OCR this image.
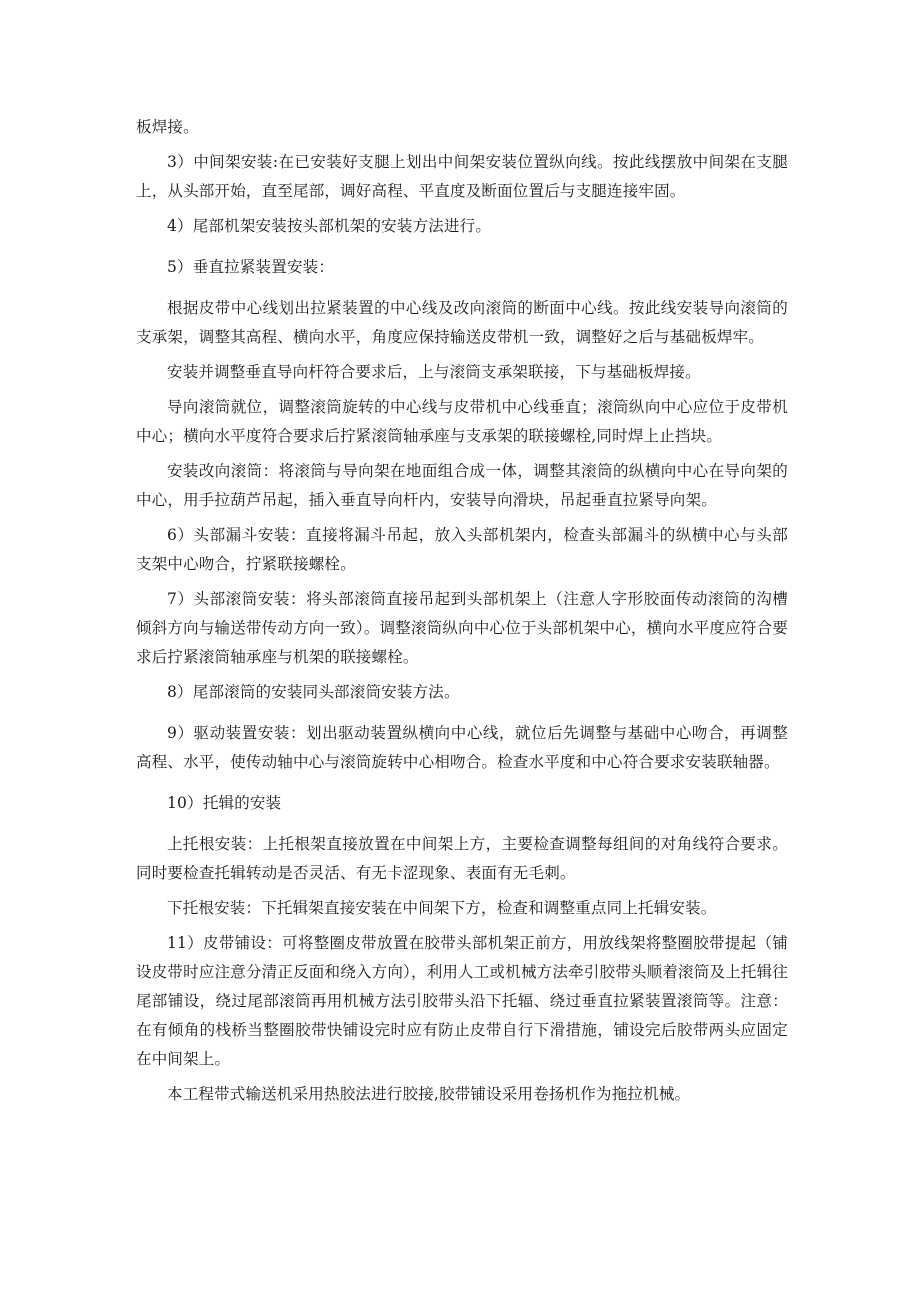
板焊接。

3）中间架安装:在已安装好支腿上划出中间架安装位置纵向线。按此线摆放中间架在支腿上，从头部开始，直至尾部，调好高程、平直度及断面位置后与支腿连接牢固。

4）尾部机架安装按头部机架的安装方法进行。

5）垂直拉紧装置安装：

根据皮带中心线划出拉紧装置的中心线及改向滚筒的断面中心线。按此线安装导向滚筒的支承架，调整其高程、横向水平，角度应保持输送皮带机一致，调整好之后与基础板焊牢。

安装并调整垂直导向杆符合要求后，上与滚筒支承架联接，下与基础板焊接。

导向滚筒就位，调整滚筒旋转的中心线与皮带机中心线垂直；滚筒纵向中心应位于皮带机中心；横向水平度符合要求后拧紧滚筒轴承座与支承架的联接螺栓,同时焊上止挡块。

安装改向滚筒：将滚筒与导向架在地面组合成一体，调整其滚筒的纵横向中心在导向架的中心，用手拉葫芦吊起，插入垂直导向杆内，安装导向滑块，吊起垂直拉紧导向架。

6）头部漏斗安装：直接将漏斗吊起，放入头部机架内，检查头部漏斗的纵横中心与头部支架中心吻合，拧紧联接螺栓。

7）头部滚筒安装：将头部滚筒直接吊起到头部机架上（注意人字形胶面传动滚筒的沟槽倾斜方向与输送带传动方向一致）。调整滚筒纵向中心位于头部机架中心，横向水平度应符合要求后拧紧滚筒轴承座与机架的联接螺栓。

8）尾部滚筒的安装同头部滚筒安装方法。

9）驱动装置安装：划出驱动装置纵横向中心线，就位后先调整与基础中心吻合，再调整高程、水平，使传动轴中心与滚筒旋转中心相吻合。检查水平度和中心符合要求安装联轴器。

10）托辑的安装

上托根安装：上托根架直接放置在中间架上方，主要检查调整每组间的对角线符合要求。同时要检查托辑转动是否灵活、有无卡涩现象、表面有无毛刺。

下托根安装：下托辑架直接安装在中间架下方，检查和调整重点同上托辑安装。

11）皮带铺设：可将整圈皮带放置在胶带头部机架正前方，用放线架将整圈胶带提起（铺设皮带时应注意分清正反面和绕入方向），利用人工或机械方法牵引胶带头顺着滚筒及上托辑往尾部铺设，绕过尾部滚筒再用机械方法引胶带头沿下托辐、绕过垂直拉紧装置滚筒等。注意：在有倾角的栈桥当整圈胶带快铺设完时应有防止皮带自行下滑措施，铺设完后胶带两头应固定在中间架上。

本工程带式输送机采用热胶法进行胶接,胶带铺设采用卷扬机作为拖拉机械。
